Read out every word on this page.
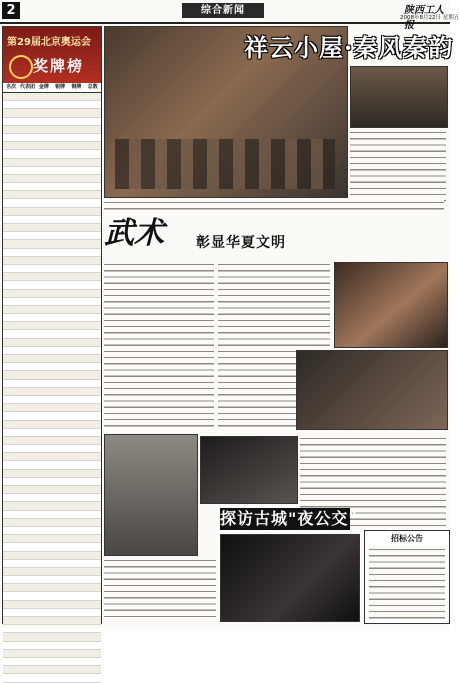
2	综合新闻	陕西工人报
2008年8月22日 星期五
第29届北京奥运会
奖牌榜
名次 代表团 金牌	银牌	铜牌	总数
祥云小屋·秦风秦韵
武术	彰显华夏文明
探访古城"夜公交"
招标公告
